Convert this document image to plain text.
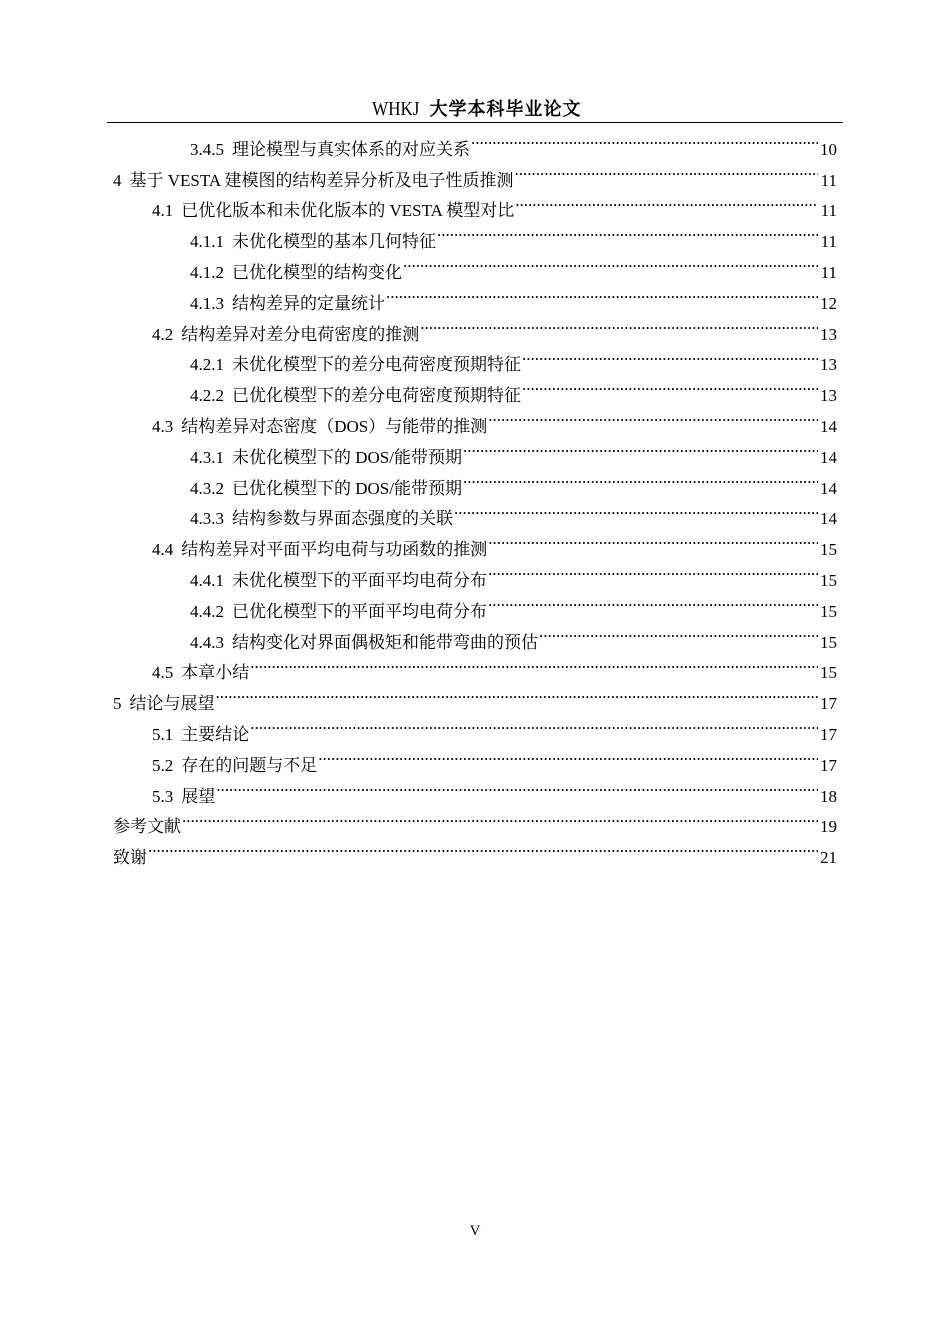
WHKJ 大学本科毕业论文
3.4.5 理论模型与真实体系的对应关系 .....	10
4 基于 VESTA 建模图的结构差异分析及电子性质推测 .....	11
4.1 已优化版本和未优化版本的 VESTA 模型对比 .....	11
4.1.1 未优化模型的基本几何特征 .....	11
4.1.2 已优化模型的结构变化 .....	11
4.1.3 结构差异的定量统计 .....	12
4.2 结构差异对差分电荷密度的推测 .....	13
4.2.1 未优化模型下的差分电荷密度预期特征 .....	13
4.2.2 已优化模型下的差分电荷密度预期特征 .....	13
4.3 结构差异对态密度（DOS）与能带的推测 .....	14
4.3.1 未优化模型下的 DOS/能带预期 .....	14
4.3.2 已优化模型下的 DOS/能带预期 .....	14
4.3.3 结构参数与界面态强度的关联 .....	14
4.4 结构差异对平面平均电荷与功函数的推测 .....	15
4.4.1 未优化模型下的平面平均电荷分布 .....	15
4.4.2 已优化模型下的平面平均电荷分布 .....	15
4.4.3 结构变化对界面偶极矩和能带弯曲的预估 .....	15
4.5 本章小结 .....	15
5 结论与展望 .....	17
5.1 主要结论 .....	17
5.2 存在的问题与不足 .....	17
5.3 展望 .....	18
参考文献 .....	19
致谢 .....	21
V
